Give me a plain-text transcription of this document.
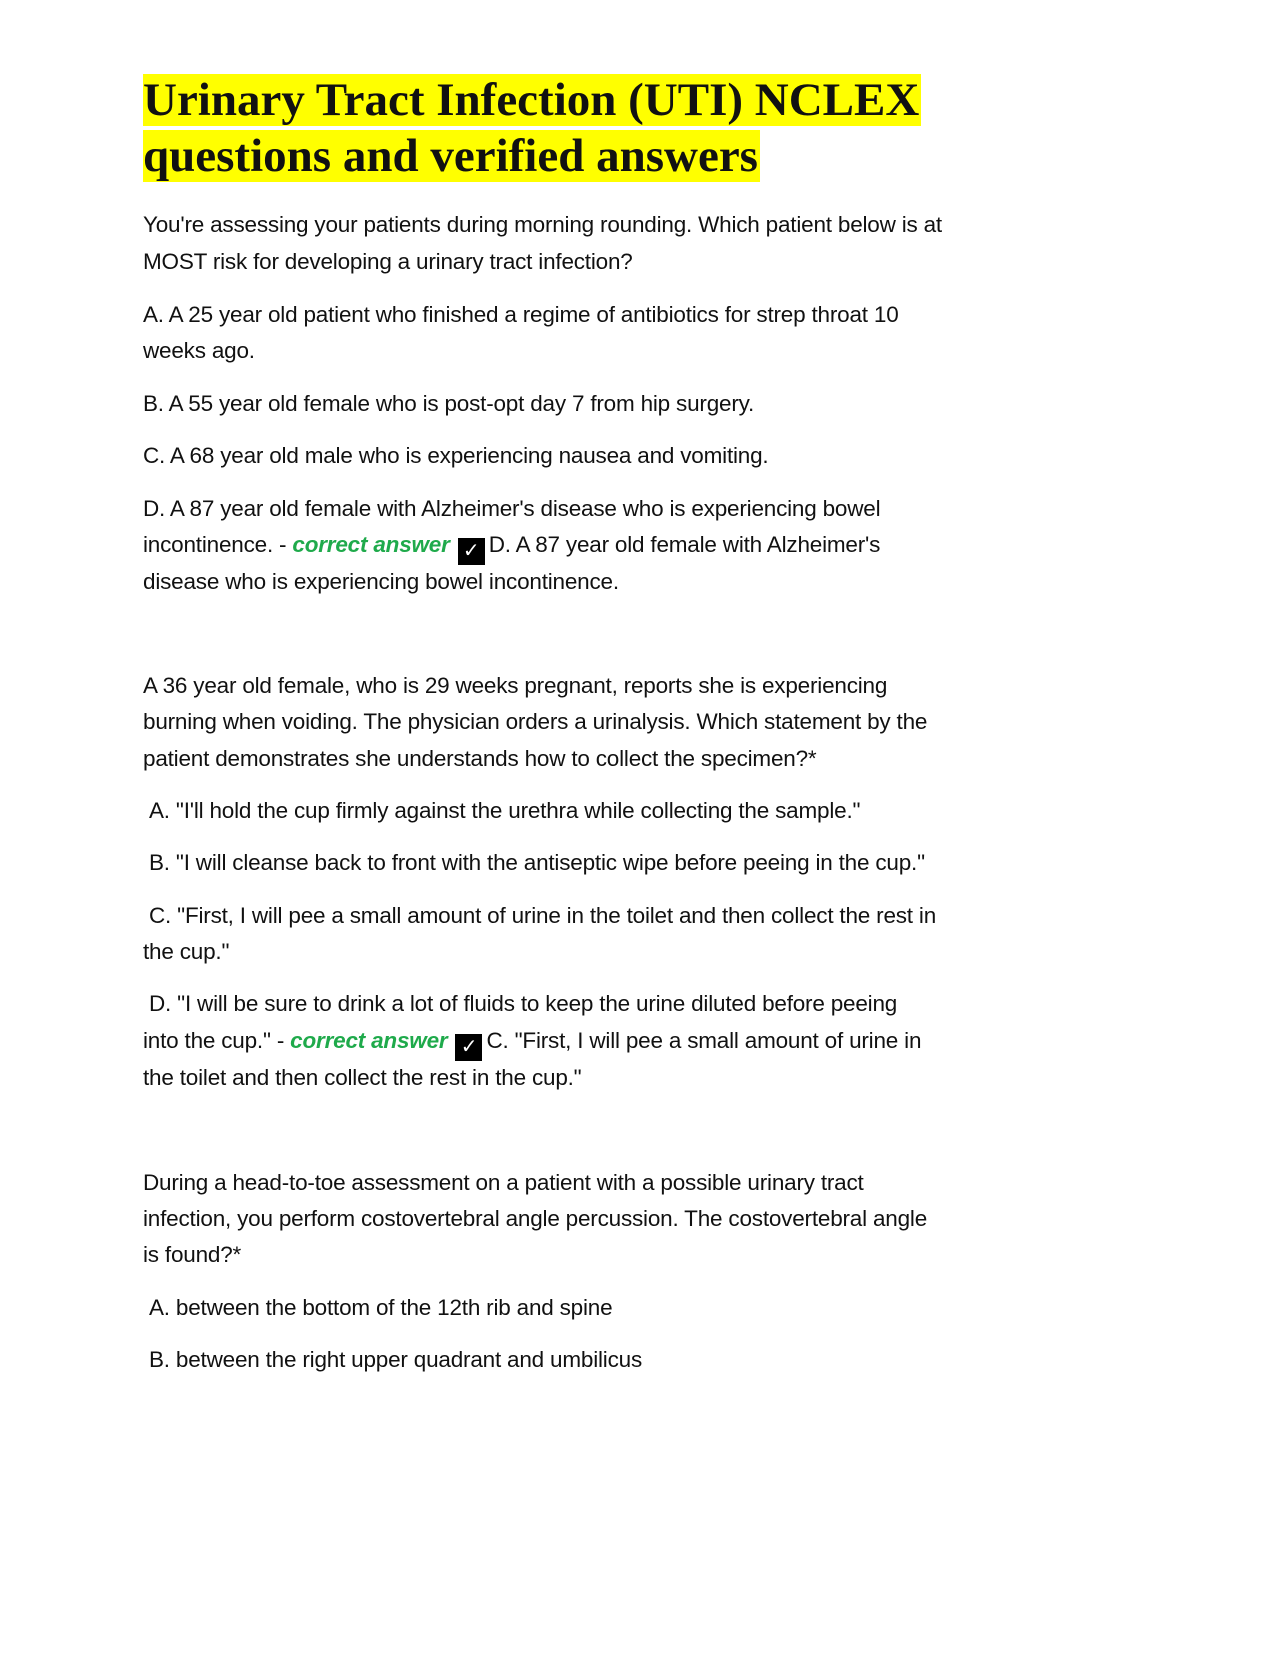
Urinary Tract Infection (UTI) NCLEX
questions and verified answers
You're assessing your patients during morning rounding. Which patient below is at
MOST risk for developing a urinary tract infection?
A. A 25 year old patient who finished a regime of antibiotics for strep throat 10
weeks ago.
B. A 55 year old female who is post-opt day 7 from hip surgery.
C. A 68 year old male who is experiencing nausea and vomiting.
D. A 87 year old female with Alzheimer's disease who is experiencing bowel
incontinence. - correct answer ✓ D. A 87 year old female with Alzheimer's
disease who is experiencing bowel incontinence.
A 36 year old female, who is 29 weeks pregnant, reports she is experiencing
burning when voiding. The physician orders a urinalysis. Which statement by the
patient demonstrates she understands how to collect the specimen?*
A. "I'll hold the cup firmly against the urethra while collecting the sample."
B. "I will cleanse back to front with the antiseptic wipe before peeing in the cup."
C. "First, I will pee a small amount of urine in the toilet and then collect the rest in
the cup."
D. "I will be sure to drink a lot of fluids to keep the urine diluted before peeing
into the cup." - correct answer ✓ C. "First, I will pee a small amount of urine in
the toilet and then collect the rest in the cup."
During a head-to-toe assessment on a patient with a possible urinary tract
infection, you perform costovertebral angle percussion. The costovertebral angle
is found?*
A. between the bottom of the 12th rib and spine
B. between the right upper quadrant and umbilicus
